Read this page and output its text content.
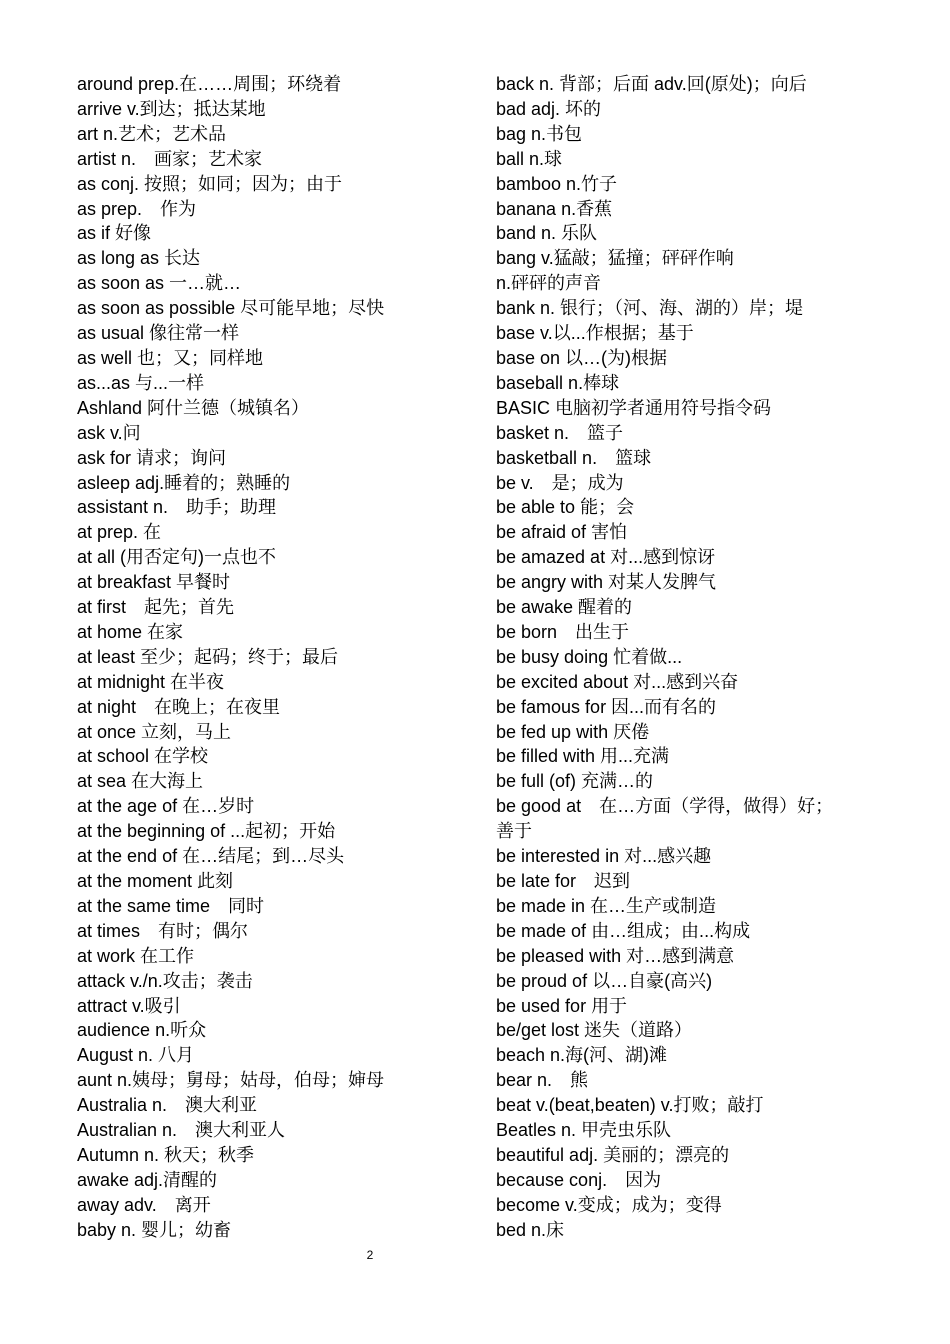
around prep.在……周围；环绕着
arrive v.到达；抵达某地
art n.艺术；艺术品
artist n.　画家；艺术家
as conj. 按照；如同；因为；由于
as prep.　作为
as if 好像
as long as 长达
as soon as 一…就…
as soon as possible 尽可能早地；尽快
as usual 像往常一样
as well 也；又；同样地
as...as 与...一样
Ashland 阿什兰德（城镇名）
ask v.问
ask for 请求；询问
asleep adj.睡着的；熟睡的
assistant n.　助手；助理
at prep. 在
at all (用否定句)一点也不
at breakfast 早餐时
at first　起先；首先
at home 在家
at least 至少；起码；终于；最后
at midnight 在半夜
at night　在晚上；在夜里
at once 立刻，马上
at school 在学校
at sea 在大海上
at the age of 在…岁时
at the beginning of ...起初；开始
at the end of 在…结尾；到…尽头
at the moment 此刻
at the same time　同时
at times　有时；偶尔
at work 在工作
attack v./n.攻击；袭击
attract v.吸引
audience n.听众
August n. 八月
aunt n.姨母；舅母；姑母，伯母；婶母
Australia n.　澳大利亚
Australian n.　澳大利亚人
Autumn n. 秋天；秋季
awake adj.清醒的
away adv.　离开
baby n. 婴儿；幼畜
back n. 背部；后面 adv.回(原处)；向后
bad adj. 坏的
bag n.书包
ball n.球
bamboo n.竹子
banana n.香蕉
band n. 乐队
bang v.猛敲；猛撞；砰砰作响
n.砰砰的声音
bank n. 银行；（河、海、湖的）岸；堤
base v.以...作根据；基于
base on 以…(为)根据
baseball n.棒球
BASIC 电脑初学者通用符号指令码
basket n.　篮子
basketball n.　篮球
be v.　是；成为
be able to 能；会
be afraid of 害怕
be amazed at 对...感到惊讶
be angry with 对某人发脾气
be awake 醒着的
be born　出生于
be busy doing 忙着做...
be excited about 对...感到兴奋
be famous for 因...而有名的
be fed up with 厌倦
be filled with 用...充满
be full (of) 充满…的
be good at　在…方面（学得，做得）好；
善于
be interested in 对...感兴趣
be late for　迟到
be made in 在…生产或制造
be made of 由…组成；由...构成
be pleased with 对…感到满意
be proud of 以…自豪(高兴)
be used for 用于
be/get lost 迷失（道路）
beach n.海(河、湖)滩
bear n.　熊
beat v.(beat,beaten) v.打败；敲打
Beatles n. 甲壳虫乐队
beautiful adj. 美丽的；漂亮的
because conj.　因为
become v.变成；成为；变得
bed n.床
2
